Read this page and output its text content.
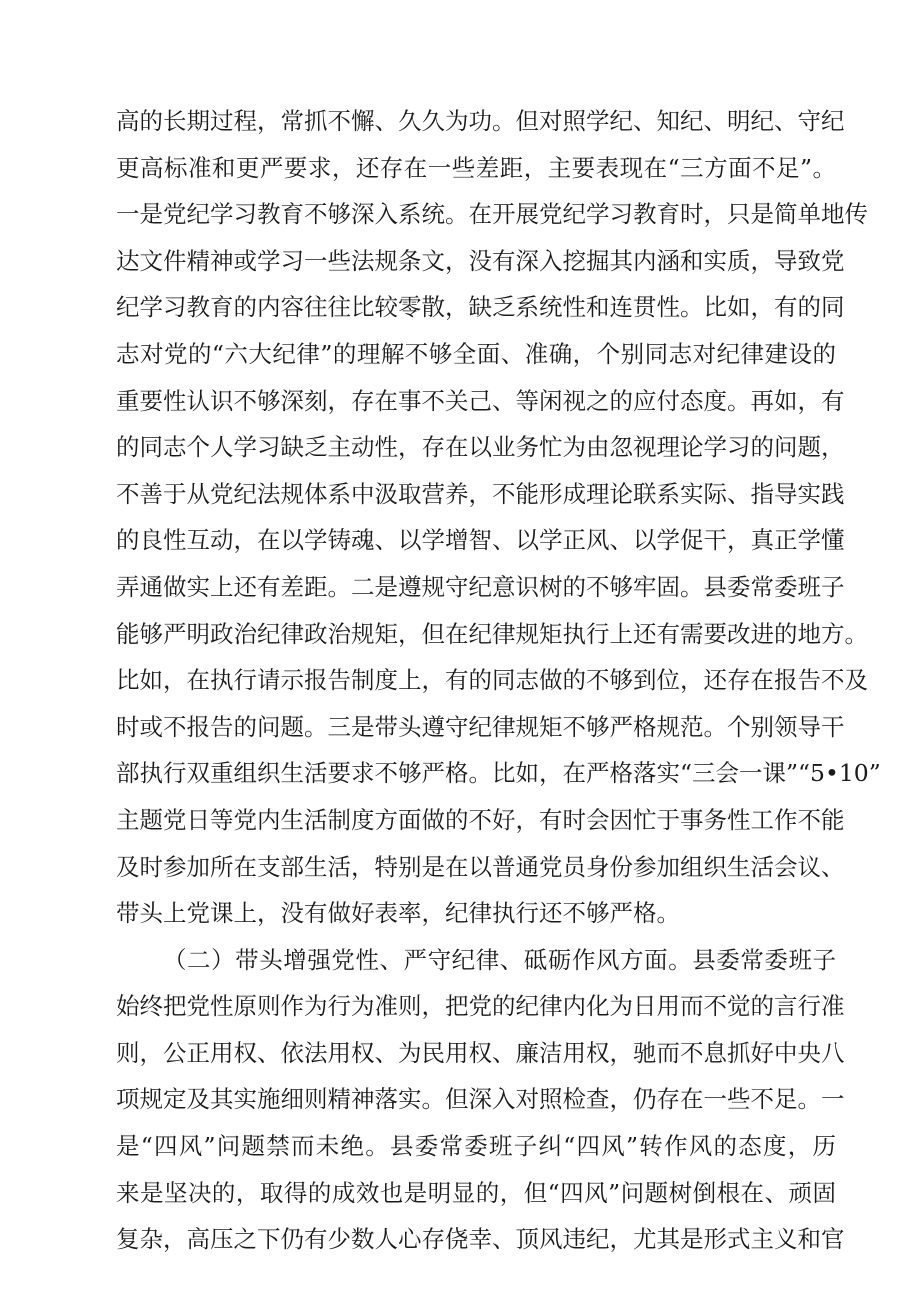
高的长期过程，常抓不懈、久久为功。但对照学纪、知纪、明纪、守纪
更高标准和更严要求，还存在一些差距，主要表现在“三方面不足”。
一是党纪学习教育不够深入系统。在开展党纪学习教育时，只是简单地传
达文件精神或学习一些法规条文，没有深入挖掘其内涵和实质，导致党
纪学习教育的内容往往比较零散，缺乏系统性和连贯性。比如，有的同
志对党的“六大纪律”的理解不够全面、准确，个别同志对纪律建设的
重要性认识不够深刻，存在事不关己、等闲视之的应付态度。再如，有
的同志个人学习缺乏主动性，存在以业务忙为由忽视理论学习的问题，
不善于从党纪法规体系中汲取营养，不能形成理论联系实际、指导实践
的良性互动，在以学铸魂、以学增智、以学正风、以学促干，真正学懂
弄通做实上还有差距。二是遵规守纪意识树的不够牢固。县委常委班子
能够严明政治纪律政治规矩，但在纪律规矩执行上还有需要改进的地方。
比如，在执行请示报告制度上，有的同志做的不够到位，还存在报告不及
时或不报告的问题。三是带头遵守纪律规矩不够严格规范。个别领导干
部执行双重组织生活要求不够严格。比如，在严格落实“三会一课”“5•10”
主题党日等党内生活制度方面做的不好，有时会因忙于事务性工作不能
及时参加所在支部生活，特别是在以普通党员身份参加组织生活会议、
带头上党课上，没有做好表率，纪律执行还不够严格。
（二）带头增强党性、严守纪律、砥砺作风方面。县委常委班子
始终把党性原则作为行为准则，把党的纪律内化为日用而不觉的言行准
则，公正用权、依法用权、为民用权、廉洁用权，驰而不息抓好中央八
项规定及其实施细则精神落实。但深入对照检查，仍存在一些不足。一
是“四风”问题禁而未绝。县委常委班子纠“四风”转作风的态度，历
来是坚决的，取得的成效也是明显的，但“四风”问题树倒根在、顽固
复杂，高压之下仍有少数人心存侥幸、顶风违纪，尤其是形式主义和官
